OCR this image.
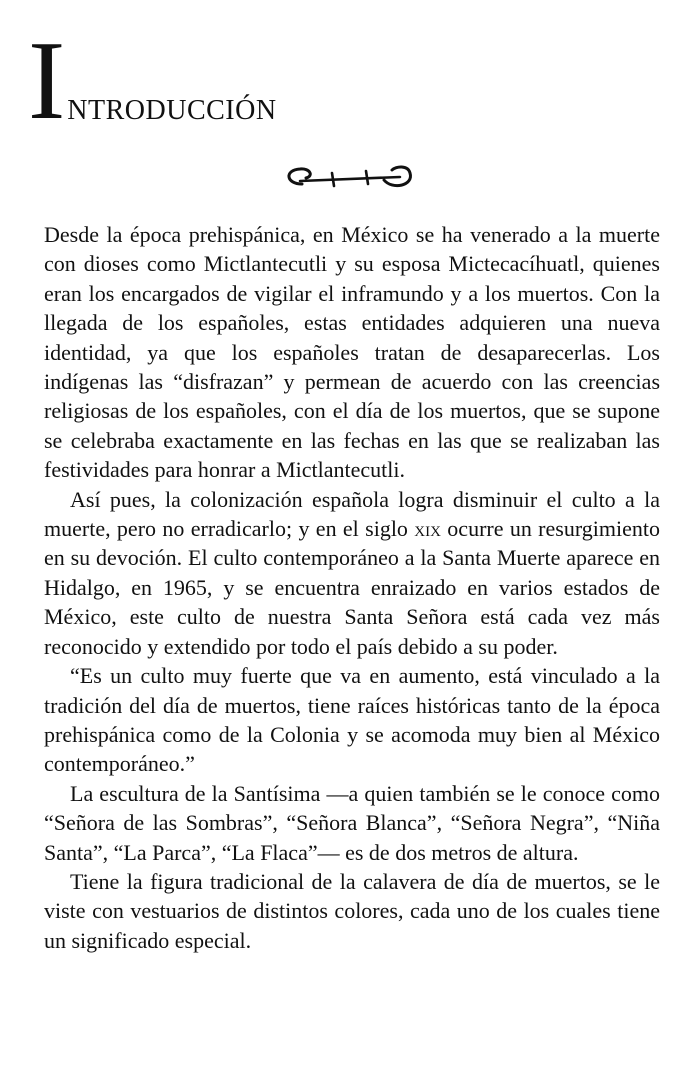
I NTRODUCCIÓN

Desde la época prehispánica, en México se ha venerado a la muerte con dioses como Mictlantecutli y su esposa Mictecacíhuatl, quienes eran los encargados de vigilar el inframundo y a los muertos. Con la llegada de los españoles, estas entidades adquieren una nueva identidad, ya que los españoles tratan de desaparecerlas. Los indígenas las “disfrazan” y permean de acuerdo con las creencias religiosas de los españoles, con el día de los muertos, que se supone se celebraba exactamente en las fechas en las que se realizaban las festividades para honrar a Mictlantecutli.

Así pues, la colonización española logra disminuir el culto a la muerte, pero no erradicarlo; y en el siglo xix ocurre un resurgimiento en su devoción. El culto contemporáneo a la Santa Muerte aparece en Hidalgo, en 1965, y se encuentra enraizado en varios estados de México, este culto de nuestra Santa Señora está cada vez más reconocido y extendido por todo el país debido a su poder.

“Es un culto muy fuerte que va en aumento, está vinculado a la tradición del día de muertos, tiene raíces históricas tanto de la época prehispánica como de la Colonia y se acomoda muy bien al México contemporáneo.”

La escultura de la Santísima —a quien también se le conoce como “Señora de las Sombras”, “Señora Blanca”, “Señora Negra”, “Niña Santa”, “La Parca”, “La Flaca”— es de dos metros de altura.

Tiene la figura tradicional de la calavera de día de muertos, se le viste con vestuarios de distintos colores, cada uno de los cuales tiene un significado especial.
